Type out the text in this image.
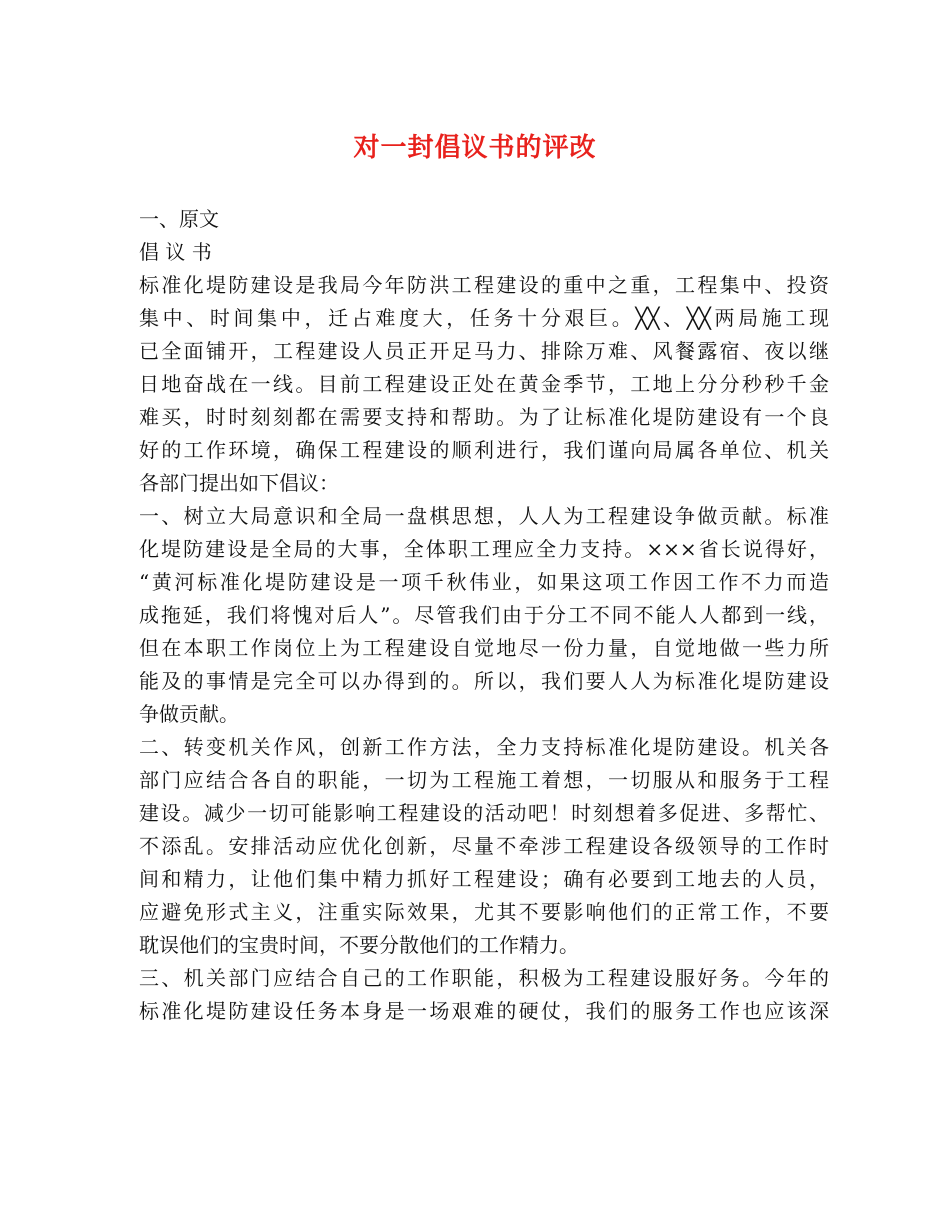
对一封倡议书的评改
一、原文
倡 议 书
标准化堤防建设是我局今年防洪工程建设的重中之重，工程集中、投资
集中、时间集中，迁占难度大，任务十分艰巨。╳╳、╳╳两局施工现
已全面铺开，工程建设人员正开足马力、排除万难、风餐露宿、夜以继
日地奋战在一线。目前工程建设正处在黄金季节，工地上分分秒秒千金
难买，时时刻刻都在需要支持和帮助。为了让标准化堤防建设有一个良
好的工作环境，确保工程建设的顺利进行，我们谨向局属各单位、机关
各部门提出如下倡议：
一、树立大局意识和全局一盘棋思想，人人为工程建设争做贡献。标准
化堤防建设是全局的大事，全体职工理应全力支持。×××省长说得好，
“黄河标准化堤防建设是一项千秋伟业，如果这项工作因工作不力而造
成拖延，我们将愧对后人”。尽管我们由于分工不同不能人人都到一线，
但在本职工作岗位上为工程建设自觉地尽一份力量，自觉地做一些力所
能及的事情是完全可以办得到的。所以，我们要人人为标准化堤防建设
争做贡献。
二、转变机关作风，创新工作方法，全力支持标准化堤防建设。机关各
部门应结合各自的职能，一切为工程施工着想，一切服从和服务于工程
建设。减少一切可能影响工程建设的活动吧！时刻想着多促进、多帮忙、
不添乱。安排活动应优化创新，尽量不牵涉工程建设各级领导的工作时
间和精力，让他们集中精力抓好工程建设；确有必要到工地去的人员，
应避免形式主义，注重实际效果，尤其不要影响他们的正常工作，不要
耽误他们的宝贵时间，不要分散他们的工作精力。
三、机关部门应结合自己的工作职能，积极为工程建设服好务。今年的
标准化堤防建设任务本身是一场艰难的硬仗，我们的服务工作也应该深
